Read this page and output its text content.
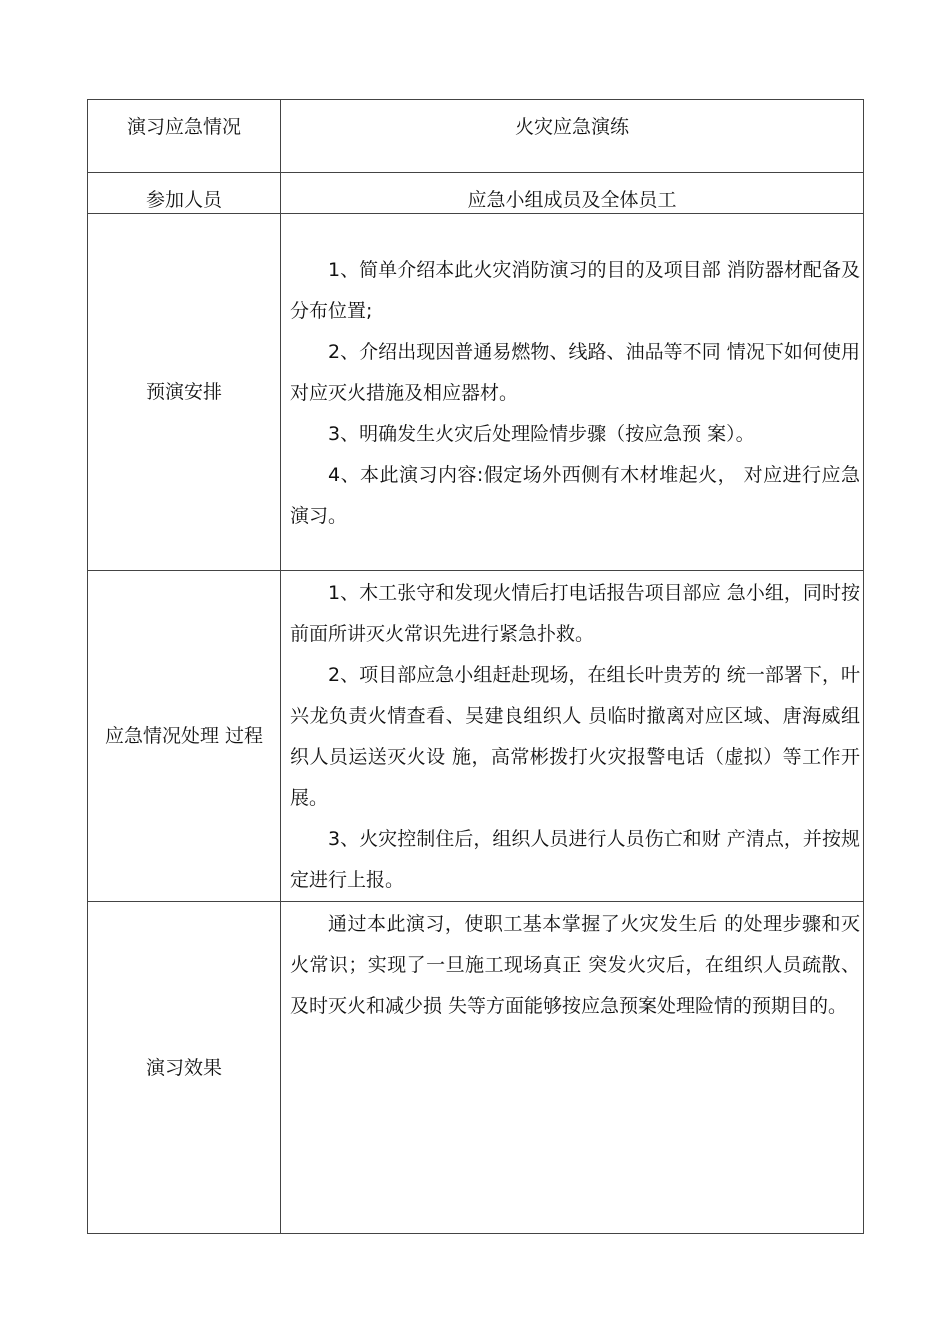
演习应急情况	火灾应急演练

参加人员	应急小组成员及全体员工

预演安排	1、简单介绍本此火灾消防演习的目的及项目部 消防器材配备及分布位置;

2、介绍出现因普通易燃物、线路、油品等不同 情况下如何使用对应灭火措施及相应器材。

3、明确发生火灾后处理险情步骤（按应急预 案）。

4、本此演习内容:假定场外西侧有木材堆起火， 对应进行应急演习。

应急情况处理 过程	1、木工张守和发现火情后打电话报告项目部应 急小组，同时按前面所讲灭火常识先进行紧急扑救。

2、项目部应急小组赶赴现场，在组长叶贵芳的 统一部署下，叶兴龙负责火情查看、吴建良组织人 员临时撤离对应区域、唐海威组织人员运送灭火设 施，高常彬拨打火灾报警电话（虚拟）等工作开展。

3、火灾控制住后，组织人员进行人员伤亡和财 产清点，并按规定进行上报。

演习效果	通过本此演习，使职工基本掌握了火灾发生后 的处理步骤和灭火常识；实现了一旦施工现场真正 突发火灾后，在组织人员疏散、及时灭火和减少损 失等方面能够按应急预案处理险情的预期目的。
